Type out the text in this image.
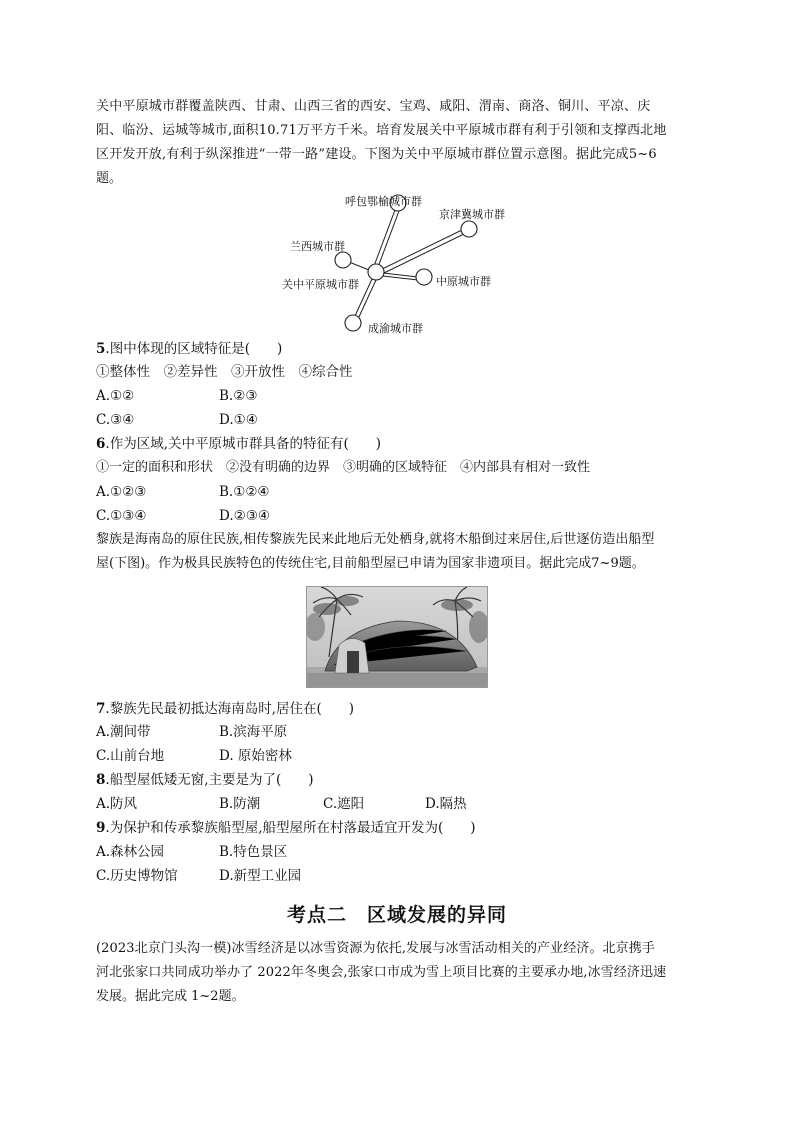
关中平原城市群覆盖陕西、甘肃、山西三省的西安、宝鸡、咸阳、渭南、商洛、铜川、平凉、庆
阳、临汾、运城等城市,面积10.71万平方千米。培育发展关中平原城市群有利于引领和支撑西北地
区开发开放,有利于纵深推进“一带一路”建设。下图为关中平原城市群位置示意图。据此完成5~6
题。
呼包鄂榆城市群
京津冀城市群
兰西城市群
关中平原城市群	中原城市群
成渝城市群
5.图中体现的区域特征是(　　)
①整体性　②差异性　③开放性　④综合性
A.①②	B.②③
C.③④	D.①④
6.作为区域,关中平原城市群具备的特征有(　　)
①一定的面积和形状　②没有明确的边界　③明确的区域特征　④内部具有相对一致性
A.①②③	B.①②④
C.①③④	D.②③④
黎族是海南岛的原住民族,相传黎族先民来此地后无处栖身,就将木船倒过来居住,后世逐仿造出船型
屋(下图)。作为极具民族特色的传统住宅,目前船型屋已申请为国家非遗项目。据此完成7~9题。
7.黎族先民最初抵达海南岛时,居住在(　　)
A.潮间带	B.滨海平原
C.山前台地	D. 原始密林
8.船型屋低矮无窗,主要是为了(　　)
A.防风	B.防潮	C.遮阳	D.隔热
9.为保护和传承黎族船型屋,船型屋所在村落最适宜开发为(　　)
A.森林公园	B.特色景区
C.历史博物馆	D.新型工业园
考点二　区域发展的异同
(2023北京门头沟一模)冰雪经济是以冰雪资源为依托,发展与冰雪活动相关的产业经济。北京携手
河北张家口共同成功举办了 2022年冬奥会,张家口市成为雪上项目比赛的主要承办地,冰雪经济迅速
发展。据此完成 1~2题。
